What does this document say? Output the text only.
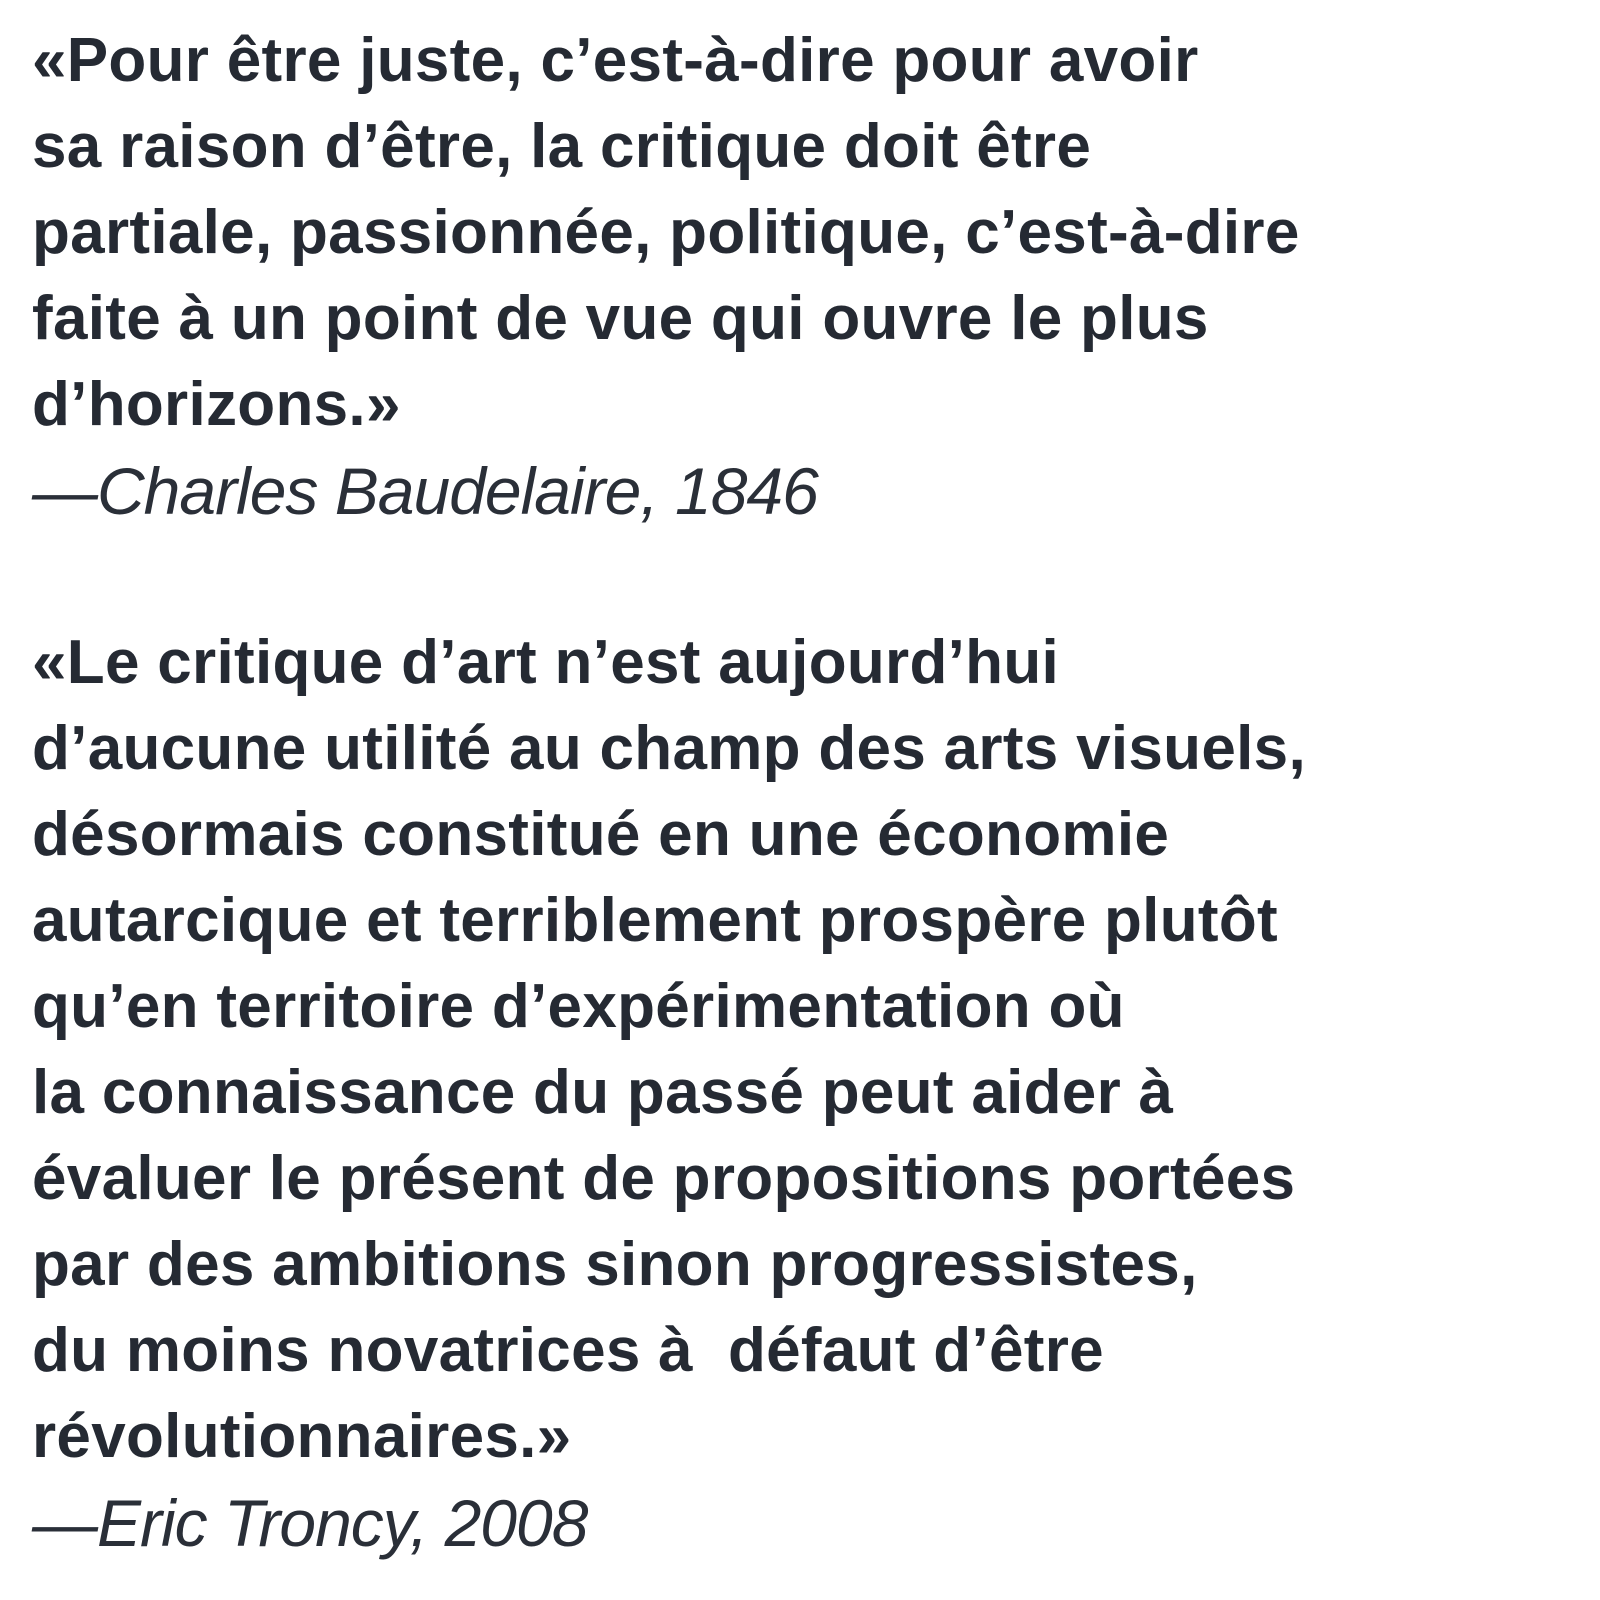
«Pour être juste, c’est-à-dire pour avoir
sa raison d’être, la critique doit être
partiale, passionnée, politique, c’est-à-dire
faite à un point de vue qui ouvre le plus
d’horizons.»

—Charles Baudelaire, 1846

«Le critique d’art n’est aujourd’hui
d’aucune utilité au champ des arts visuels,
désormais constitué en une économie
autarcique et terriblement prospère plutôt
qu’en territoire d’expérimentation où
la connaissance du passé peut aider à
évaluer le présent de propositions portées
par des ambitions sinon progressistes,
du moins novatrices à  défaut d’être
révolutionnaires.»

—Eric Troncy, 2008
